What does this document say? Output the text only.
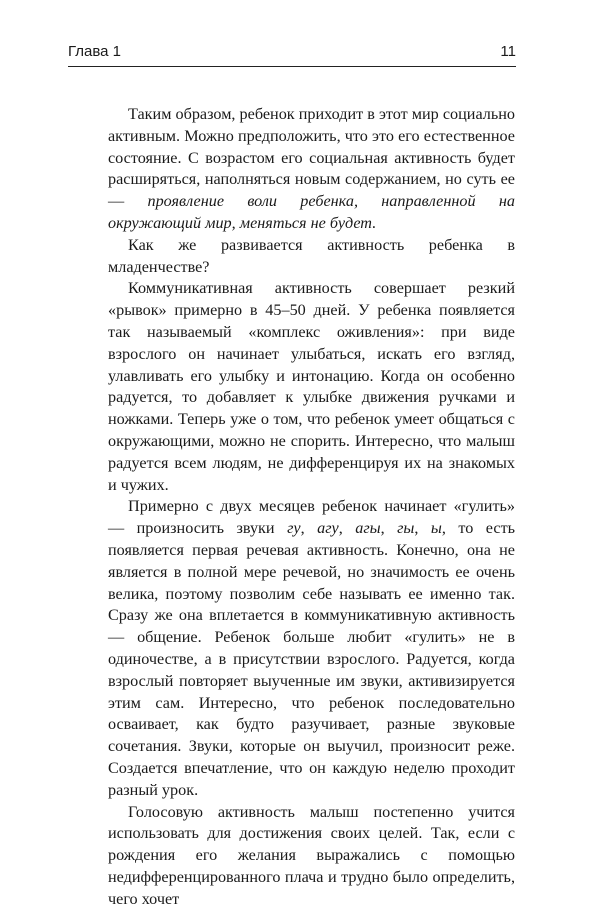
Глава 1	11

Таким образом, ребенок приходит в этот мир социально активным. Можно предположить, что это его естественное состояние. С возрастом его социальная активность будет расширяться, наполняться новым содержанием, но суть ее — проявление воли ребенка, направленной на окружающий мир, меняться не будет.

Как же развивается активность ребенка в младенчестве?

Коммуникативная активность совершает резкий «рывок» примерно в 45–50 дней. У ребенка появляется так называемый «комплекс оживления»: при виде взрослого он начинает улыбаться, искать его взгляд, улавливать его улыбку и интонацию. Когда он особенно радуется, то добавляет к улыбке движения ручками и ножками. Теперь уже о том, что ребенок умеет общаться с окружающими, можно не спорить. Интересно, что малыш радуется всем людям, не дифференцируя их на знакомых и чужих.

Примерно с двух месяцев ребенок начинает «гулить» — произносить звуки гу, агу, агы, гы, ы, то есть появляется первая речевая активность. Конечно, она не является в полной мере речевой, но значимость ее очень велика, поэтому позволим себе называть ее именно так. Сразу же она вплетается в коммуникативную активность — общение. Ребенок больше любит «гулить» не в одиночестве, а в присутствии взрослого. Радуется, когда взрослый повторяет выученные им звуки, активизируется этим сам. Интересно, что ребенок последовательно осваивает, как будто разучивает, разные звуковые сочетания. Звуки, которые он выучил, произносит реже. Создается впечатление, что он каждую неделю проходит разный урок.

Голосовую активность малыш постепенно учится использовать для достижения своих целей. Так, если с рождения его желания выражались с помощью недифференцированного плача и трудно было определить, чего хочет
